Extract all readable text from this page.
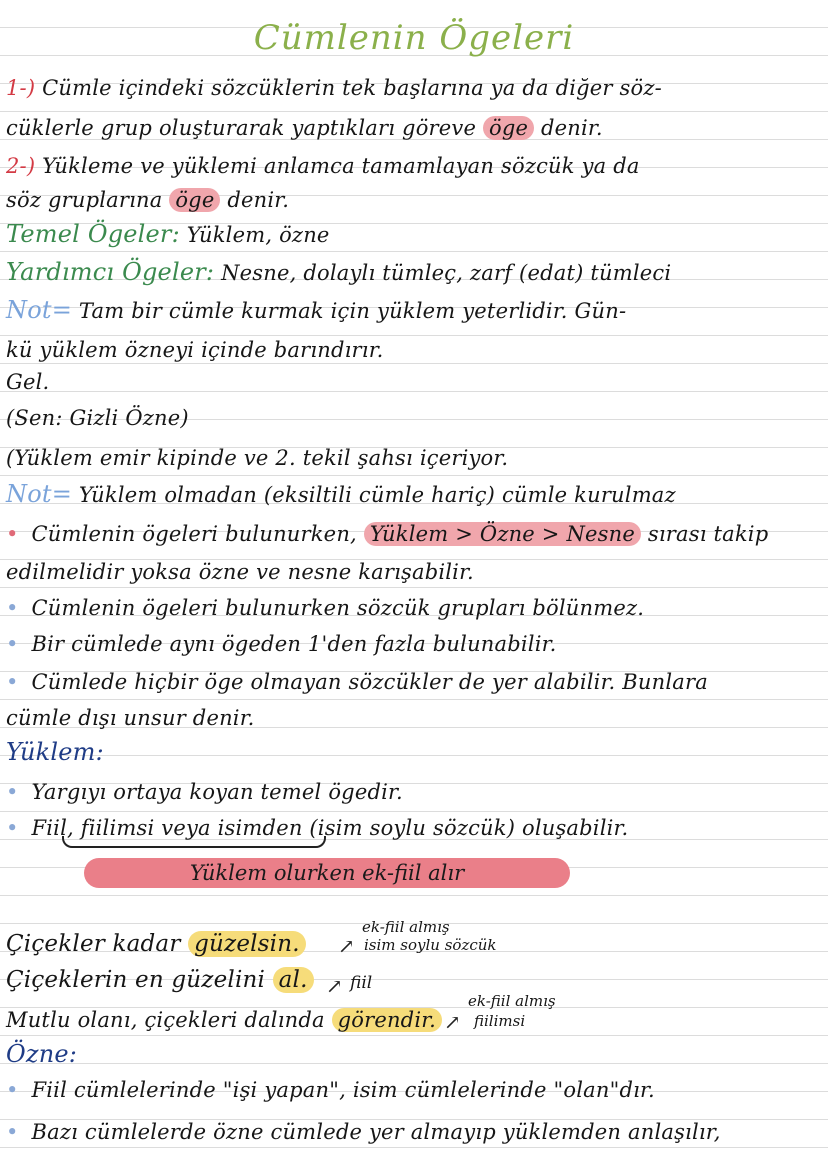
Cümlenin Ögeleri
1-) Cümle içindeki sözcüklerin tek başlarına ya da diğer söz-
cüklerle grup oluşturarak yaptıkları göreve öge denir.
2-) Yükleme ve yüklemi anlamca tamamlayan sözcük ya da
söz gruplarına öge denir.
Temel Ögeler: Yüklem, özne
Yardımcı Ögeler: Nesne, dolaylı tümleç, zarf (edat) tümleci
Not= Tam bir cümle kurmak için yüklem yeterlidir. Gün-
kü yüklem özneyi içinde barındırır.
Gel.
(Sen: Gizli Özne)
(Yüklem emir kipinde ve 2. tekil şahsı içeriyor.
Not= Yüklem olmadan (eksiltili cümle hariç) cümle kurulmaz
• Cümlenin ögeleri bulunurken, Yüklem > Özne > Nesne sırası takip
edilmelidir yoksa özne ve nesne karışabilir.
• Cümlenin ögeleri bulunurken sözcük grupları bölünmez.
• Bir cümlede aynı ögeden 1'den fazla bulunabilir.
• Cümlede hiçbir öge olmayan sözcükler de yer alabilir. Bunlara
cümle dışı unsur denir.
Yüklem:
• Yargıyı ortaya koyan temel ögedir.
• Fiil, fiilimsi veya isimden (isim soylu sözcük) oluşabilir.
Yüklem olurken ek-fiil alır
Çiçekler kadar güzelsin.	↗
ek-fiil almış
isim soylu sözcük
Çiçeklerin en güzelini al. ↗ fiil
Mutlu olanı, çiçekleri dalında görendir. ↗
ek-fiil almış
fiilimsi
Özne:
• Fiil cümlelerinde "işi yapan", isim cümlelerinde "olan"dır.
• Bazı cümlelerde özne cümlede yer almayıp yüklemden anlaşılır,
